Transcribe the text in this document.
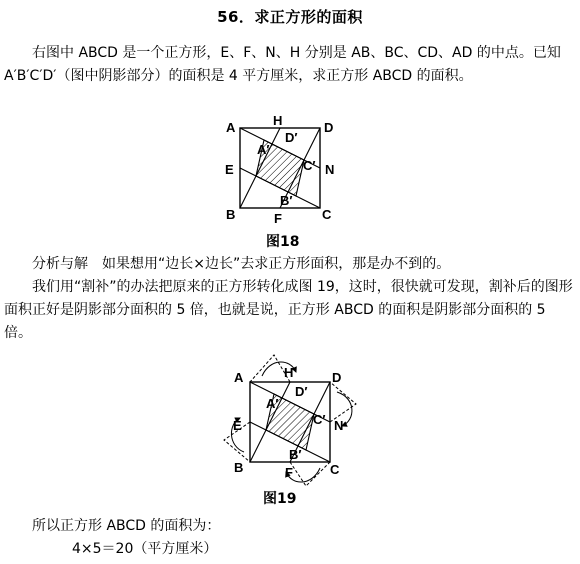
56．求正方形的面积

右图中 ABCD 是一个正方形，E、F、N、H 分别是 AB、BC、CD、AD 的中点。已知 A′B′C′D′（图中阴影部分）的面积是 4 平方厘米，求正方形 ABCD 的面积。

A	D
B	C
E	N
H
F
A′
D′
C′
B′
图18

分析与解　 如果想用“边长×边长”去求正方形面积，那是办不到的。

我们用“割补”的办法把原来的正方形转化成图 19，这时，很快就可发现，割补后的图形面积正好是阴影部分面积的 5 倍，也就是说，正方形 ABCD 的面积是阴影部分面积的 5 倍。

A	D
B	C
E	N
H
F
A′
D′
C′
B′
图19

所以正方形 ABCD 的面积为：

4×5＝20（平方厘米）
